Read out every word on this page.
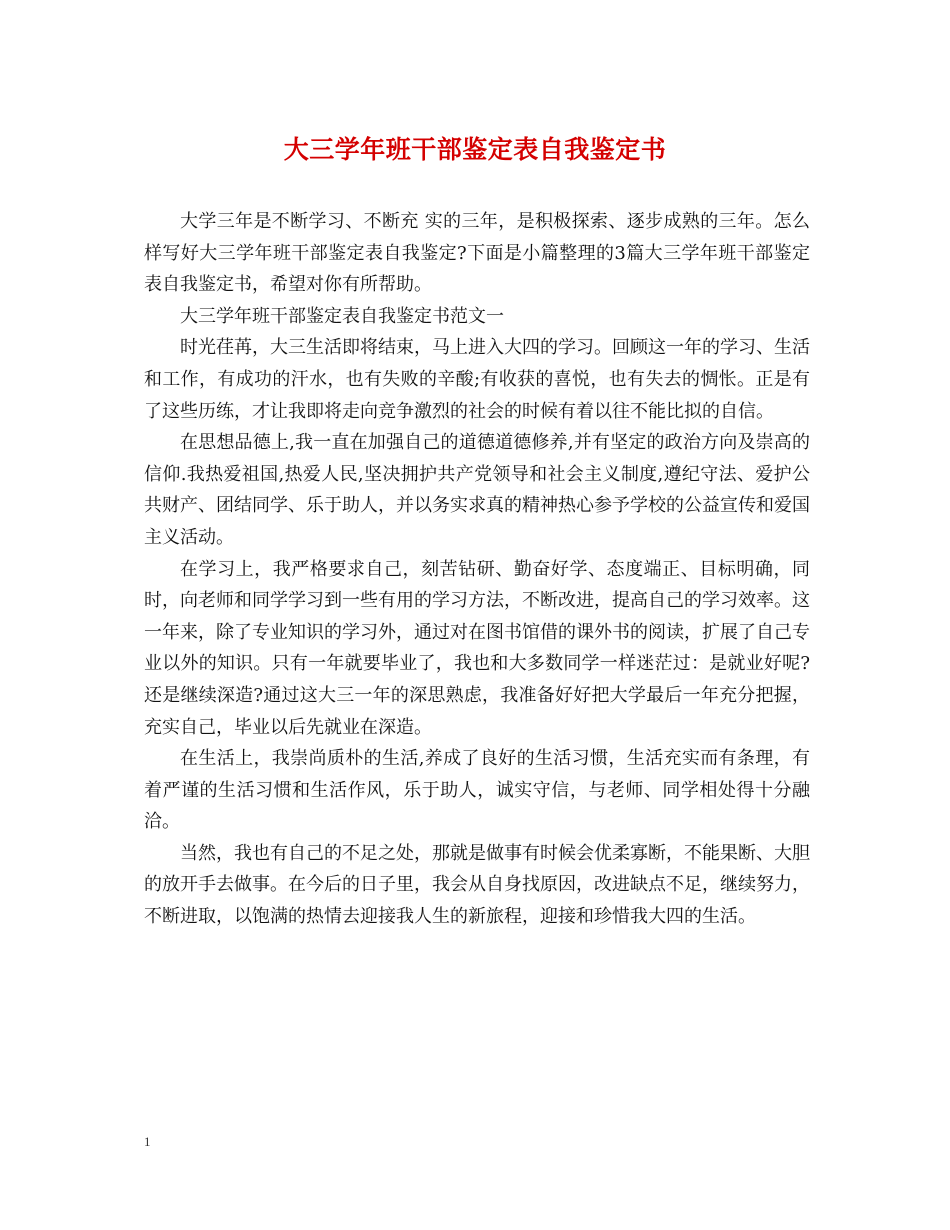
大三学年班干部鉴定表自我鉴定书

大学三年是不断学习、不断充 实的三年，是积极探索、逐步成熟的三年。怎么样写好大三学年班干部鉴定表自我鉴定?下面是小篇整理的3篇大三学年班干部鉴定表自我鉴定书，希望对你有所帮助。

大三学年班干部鉴定表自我鉴定书范文一

时光荏苒，大三生活即将结束，马上进入大四的学习。回顾这一年的学习、生活和工作，有成功的汗水，也有失败的辛酸;有收获的喜悦，也有失去的惆怅。正是有了这些历练，才让我即将走向竞争激烈的社会的时候有着以往不能比拟的自信。

在思想品德上,我一直在加强自己的道德道德修养,并有坚定的政治方向及崇高的信仰.我热爱祖国,热爱人民,坚决拥护共产党领导和社会主义制度,遵纪守法、爱护公共财产、团结同学、乐于助人，并以务实求真的精神热心参予学校的公益宣传和爱国主义活动。

在学习上，我严格要求自己，刻苦钻研、勤奋好学、态度端正、目标明确，同时，向老师和同学学习到一些有用的学习方法，不断改进，提高自己的学习效率。这一年来，除了专业知识的学习外，通过对在图书馆借的课外书的阅读，扩展了自己专业以外的知识。只有一年就要毕业了，我也和大多数同学一样迷茫过：是就业好呢?还是继续深造?通过这大三一年的深思熟虑，我准备好好把大学最后一年充分把握，充实自己，毕业以后先就业在深造。

在生活上，我崇尚质朴的生活,养成了良好的生活习惯，生活充实而有条理，有着严谨的生活习惯和生活作风，乐于助人，诚实守信，与老师、同学相处得十分融洽。

当然，我也有自己的不足之处，那就是做事有时候会优柔寡断，不能果断、大胆的放开手去做事。在今后的日子里，我会从自身找原因，改进缺点不足，继续努力，不断进取，以饱满的热情去迎接我人生的新旅程，迎接和珍惜我大四的生活。

1
